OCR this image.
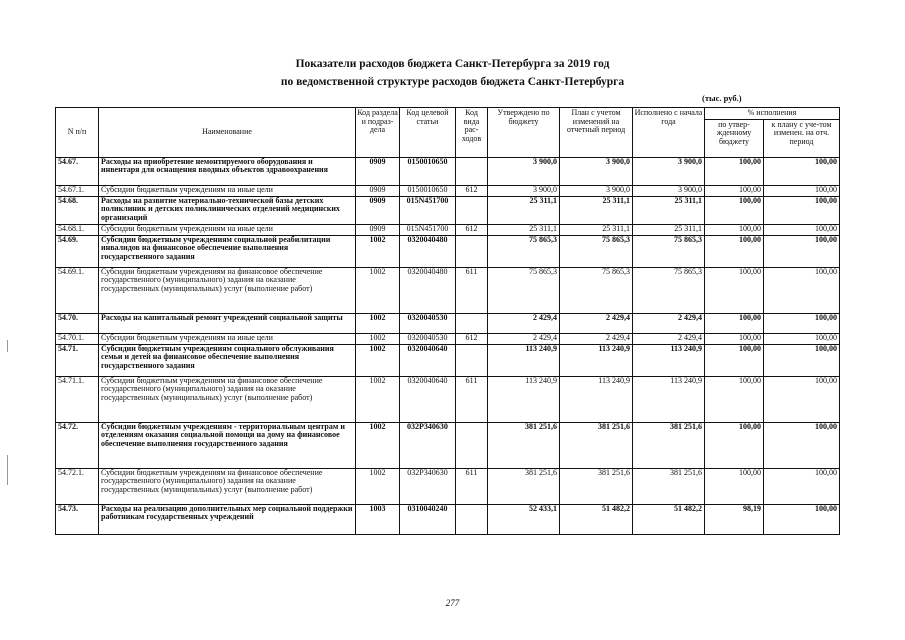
Показатели расходов бюджета Санкт-Петербурга за 2019 год
по ведомственной структуре расходов бюджета Санкт-Петербурга
(тыс. руб.)
N п/п	Наименование	Код раздела и подраз-дела	Код целевой статьи	Код вида рас-ходов	Утверждено по бюджету	План с учетом изменений на отчетный период	Исполнено с начала года	% исполнения	
								по утвер-жденному бюджету	к плану с уче-том изменен. на отч. период
54.67.	Расходы на приобретение немонтируемого оборудования и инвентаря для оснащения вводных объектов здравоохранения	0909	0150010650		3 900,0	3 900,0	3 900,0	100,00	100,00
54.67.1.	Субсидии бюджетным учреждениям на иные цели	0909	0150010650	612	3 900,0	3 900,0	3 900,0	100,00	100,00
54.68.	Расходы на развитие материально-технической базы детских поликлиник и детских поликлинических отделений медицинских организаций	0909	015N451700		25 311,1	25 311,1	25 311,1	100,00	100,00
54.68.1.	Субсидии бюджетным учреждениям на иные цели	0909	015N451700	612	25 311,1	25 311,1	25 311,1	100,00	100,00
54.69.	Субсидии бюджетным учреждениям социальной реабилитации инвалидов на финансовое обеспечение выполнения государственного задания	1002	0320040480		75 865,3	75 865,3	75 865,3	100,00	100,00
54.69.1.	Субсидии бюджетным учреждениям на финансовое обеспечение государственного (муниципального) задания на оказание государственных (муниципальных) услуг (выполнение работ)	1002	0320040480	611	75 865,3	75 865,3	75 865,3	100,00	100,00
54.70.	Расходы на капитальный ремонт учреждений социальной защиты	1002	0320040530		2 429,4	2 429,4	2 429,4	100,00	100,00
54.70.1.	Субсидии бюджетным учреждениям на иные цели	1002	0320040530	612	2 429,4	2 429,4	2 429,4	100,00	100,00
54.71.	Субсидии бюджетным учреждениям социального обслуживания семьи и детей на финансовое обеспечение выполнения государственного задания	1002	0320040640		113 240,9	113 240,9	113 240,9	100,00	100,00
54.71.1.	Субсидии бюджетным учреждениям на финансовое обеспечение государственного (муниципального) задания на оказание государственных (муниципальных) услуг (выполнение работ)	1002	0320040640	611	113 240,9	113 240,9	113 240,9	100,00	100,00
54.72.	Субсидии бюджетным учреждениям - территориальным центрам и отделениям оказания социальной помощи на дому на финансовое обеспечение выполнения государственного задания	1002	032P340630		381 251,6	381 251,6	381 251,6	100,00	100,00
54.72.1.	Субсидии бюджетным учреждениям на финансовое обеспечение государственного (муниципального) задания на оказание государственных (муниципальных) услуг (выполнение работ)	1002	032P340630	611	381 251,6	381 251,6	381 251,6	100,00	100,00
54.73.	Расходы на реализацию дополнительных мер социальной поддержки работникам государственных учреждений	1003	0310040240		52 433,1	51 482,2	51 482,2	98,19	100,00
277
